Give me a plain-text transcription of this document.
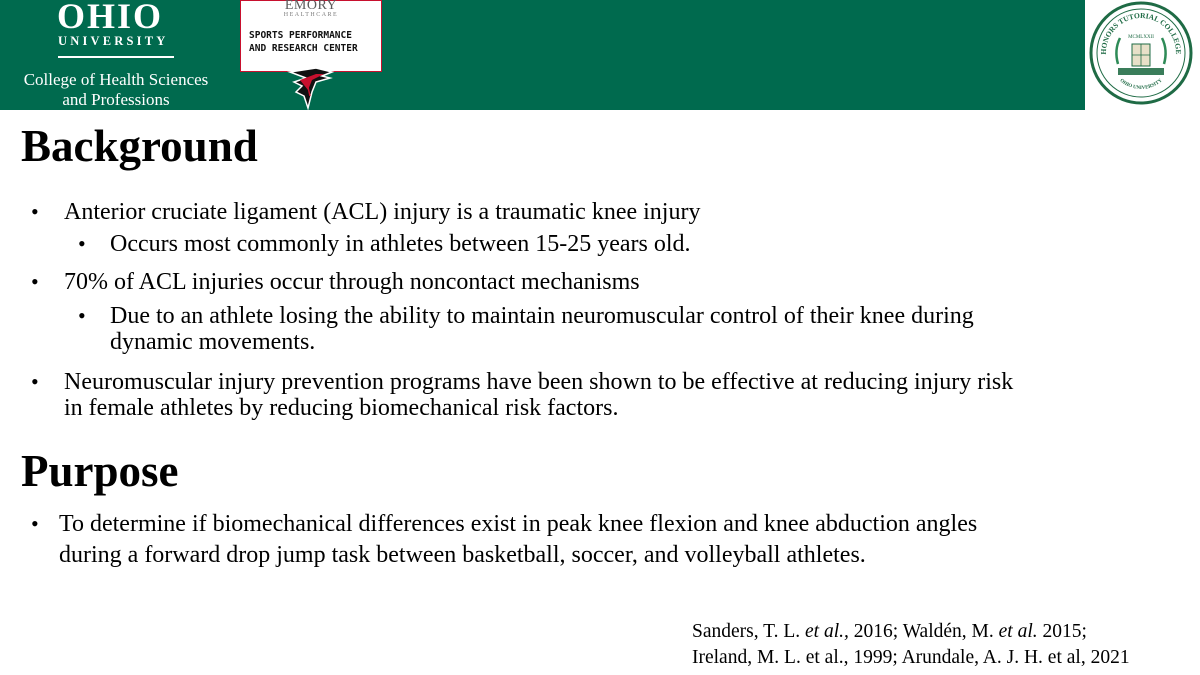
OHIO
UNIVERSITY
College of Health Sciences
and Professions
EMORY
HEALTHCARE
SPORTS PERFORMANCE
AND RESEARCH CENTER	HONORS TUTORIAL COLLEGE
MCMLXXII
OHIO UNIVERSITY
Background
• Anterior cruciate ligament (ACL) injury is a traumatic knee injury
• Occurs most commonly in athletes between 15-25 years old.
• 70% of ACL injuries occur through noncontact mechanisms
• Due to an athlete losing the ability to maintain neuromuscular control of their knee during
dynamic movements.
• Neuromuscular injury prevention programs have been shown to be effective at reducing injury risk
in female athletes by reducing biomechanical risk factors.
Purpose
• To determine if biomechanical differences exist in peak knee flexion and knee abduction angles
during a forward drop jump task between basketball, soccer, and volleyball athletes.
Sanders, T. L. et al., 2016; Waldén, M. et al. 2015;
Ireland, M. L. et al., 1999; Arundale, A. J. H. et al, 2021
